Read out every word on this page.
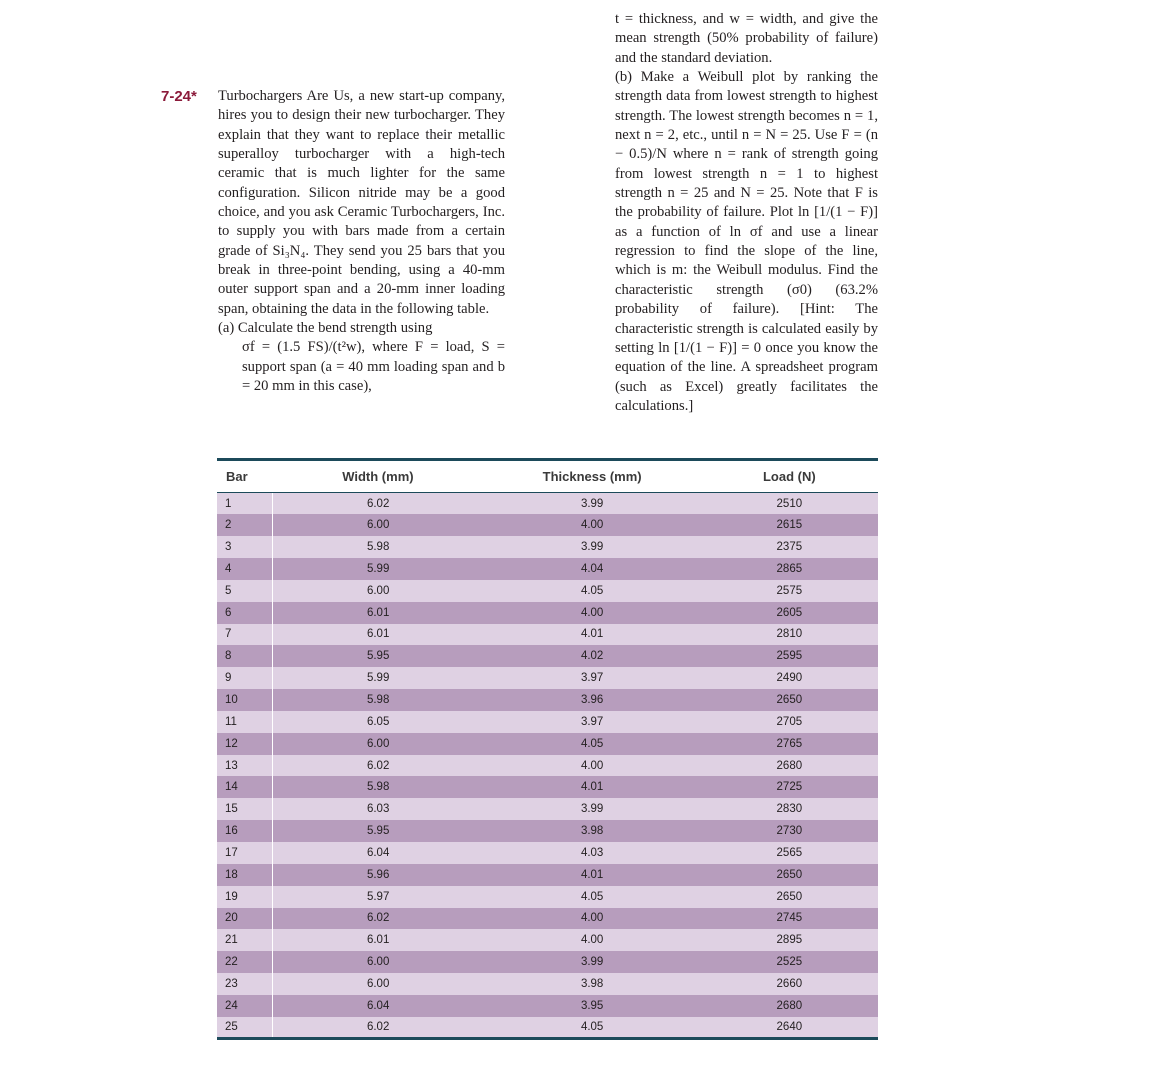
7-24* Turbochargers Are Us, a new start-up company, hires you to design their new turbocharger. They explain that they want to replace their metallic superalloy turbocharger with a high-tech ceramic that is much lighter for the same configuration. Silicon nitride may be a good choice, and you ask Ceramic Turbochargers, Inc. to supply you with bars made from a certain grade of Si₃N₄. They send you 25 bars that you break in three-point bending, using a 40-mm outer support span and a 20-mm inner loading span, obtaining the data in the following table.

(a) Calculate the bend strength using

σf = (1.5 FS)/(t²w), where F = load, S = support span (a = 40 mm loading span and b = 20 mm in this case),

t = thickness, and w = width, and give the mean strength (50% probability of failure) and the standard deviation.

(b) Make a Weibull plot by ranking the strength data from lowest strength to highest strength. The lowest strength becomes n = 1, next n = 2, etc., until n = N = 25. Use F = (n − 0.5)/N where n = rank of strength going from lowest strength n = 1 to highest strength n = 25 and N = 25. Note that F is the probability of failure. Plot ln [1/(1 − F)] as a function of ln σf and use a linear regression to find the slope of the line, which is m: the Weibull modulus. Find the characteristic strength (σ0) (63.2% probability of failure). [Hint: The characteristic strength is calculated easily by setting ln [1/(1 − F)] = 0 once you know the equation of the line. A spreadsheet program (such as Excel) greatly facilitates the calculations.]

Bar	Width (mm)	Thickness (mm)	Load (N)
1	6.02	3.99	2510
2	6.00	4.00	2615
3	5.98	3.99	2375
4	5.99	4.04	2865
5	6.00	4.05	2575
6	6.01	4.00	2605
7	6.01	4.01	2810
8	5.95	4.02	2595
9	5.99	3.97	2490
10	5.98	3.96	2650
11	6.05	3.97	2705
12	6.00	4.05	2765
13	6.02	4.00	2680
14	5.98	4.01	2725
15	6.03	3.99	2830
16	5.95	3.98	2730
17	6.04	4.03	2565
18	5.96	4.01	2650
19	5.97	4.05	2650
20	6.02	4.00	2745
21	6.01	4.00	2895
22	6.00	3.99	2525
23	6.00	3.98	2660
24	6.04	3.95	2680
25	6.02	4.05	2640
